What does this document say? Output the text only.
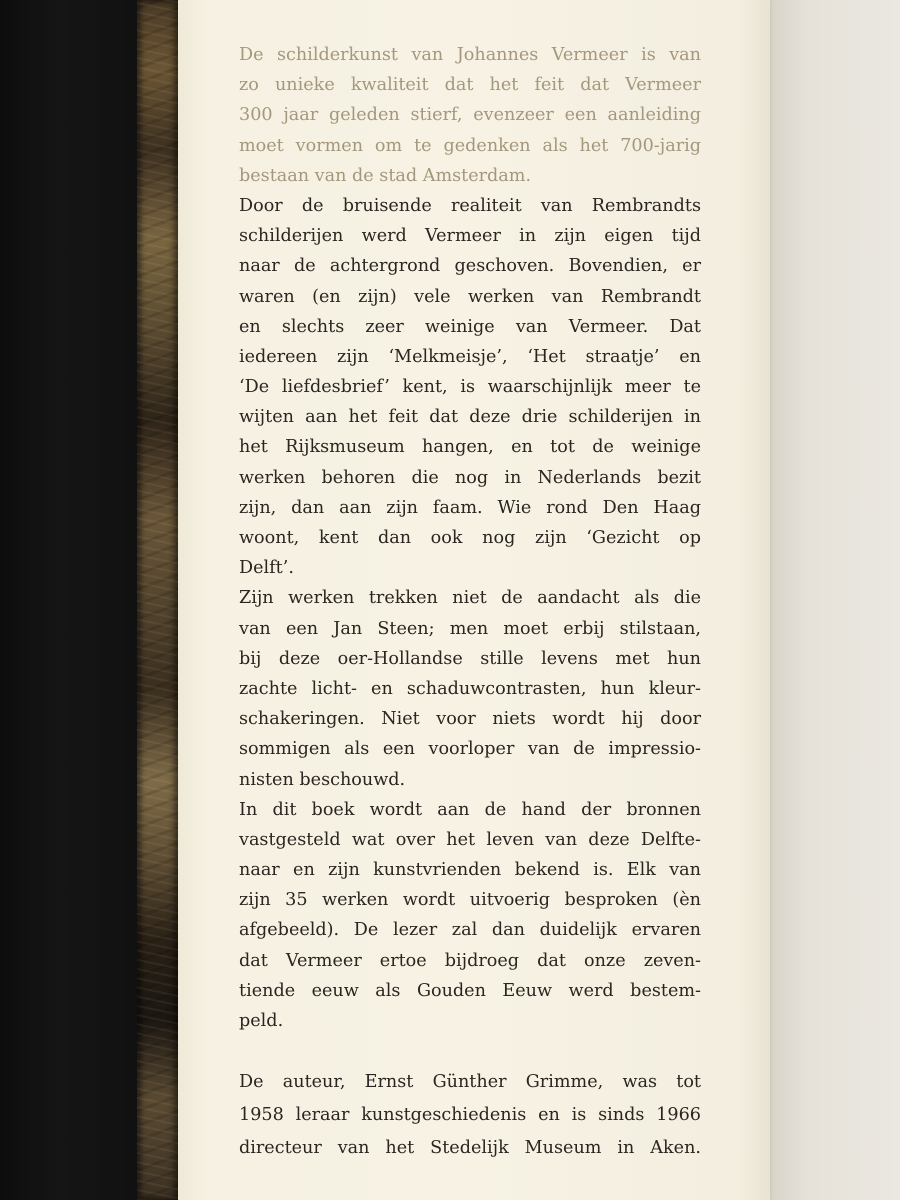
De schilderkunst van Johannes Vermeer is van
zo unieke kwaliteit dat het feit dat Vermeer
300 jaar geleden stierf, evenzeer een aanleiding
moet vormen om te gedenken als het 700-jarig
bestaan van de stad Amsterdam.
Door de bruisende realiteit van Rembrandts
schilderijen werd Vermeer in zijn eigen tijd
naar de achtergrond geschoven. Bovendien, er
waren (en zijn) vele werken van Rembrandt
en slechts zeer weinige van Vermeer. Dat
iedereen zijn ‘Melkmeisje’, ‘Het straatje’ en
‘De liefdesbrief’ kent, is waarschijnlijk meer te
wijten aan het feit dat deze drie schilderijen in
het Rijksmuseum hangen, en tot de weinige
werken behoren die nog in Nederlands bezit
zijn, dan aan zijn faam. Wie rond Den Haag
woont, kent dan ook nog zijn ‘Gezicht op
Delft’.
Zijn werken trekken niet de aandacht als die
van een Jan Steen; men moet erbij stilstaan,
bij deze oer-Hollandse stille levens met hun
zachte licht- en schaduwcontrasten, hun kleur-
schakeringen. Niet voor niets wordt hij door
sommigen als een voorloper van de impressio-
nisten beschouwd.
In dit boek wordt aan de hand der bronnen
vastgesteld wat over het leven van deze Delfte-
naar en zijn kunstvrienden bekend is. Elk van
zijn 35 werken wordt uitvoerig besproken (èn
afgebeeld). De lezer zal dan duidelijk ervaren
dat Vermeer ertoe bijdroeg dat onze zeven-
tiende eeuw als Gouden Eeuw werd bestem-
peld.
De auteur, Ernst Günther Grimme, was tot
1958 leraar kunstgeschiedenis en is sinds 1966
directeur van het Stedelijk Museum in Aken.
